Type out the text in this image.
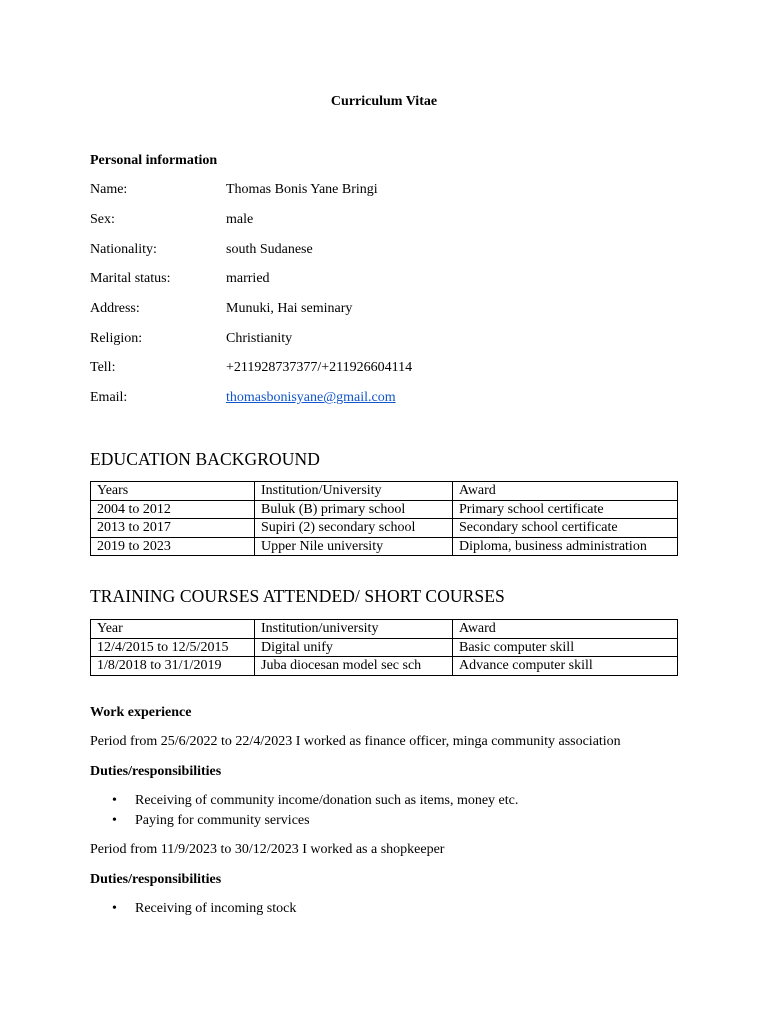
Curriculum Vitae
Personal information
Name:	Thomas Bonis Yane Bringi
Sex:	male
Nationality:	south Sudanese
Marital status:	married
Address:	Munuki, Hai seminary
Religion:	Christianity
Tell:	+211928737377/+211926604114
Email:	thomasbonisyane@gmail.com
EDUCATION BACKGROUND
Years	Institution/University	Award
2004 to 2012	Buluk (B) primary school	Primary school certificate
2013 to 2017	Supiri (2) secondary school	Secondary school certificate
2019 to 2023	Upper Nile university	Diploma, business administration
TRAINING COURSES ATTENDED/ SHORT COURSES
Year	Institution/university	Award
12/4/2015 to 12/5/2015	Digital unify	Basic computer skill
1/8/2018 to 31/1/2019	Juba diocesan model sec sch	Advance computer skill
Work experience
Period from 25/6/2022 to 22/4/2023 I worked as finance officer, minga community association
Duties/responsibilities
• Receiving of community income/donation such as items, money etc.
• Paying for community services
Period from 11/9/2023 to 30/12/2023 I worked as a shopkeeper
Duties/responsibilities
• Receiving of incoming stock
